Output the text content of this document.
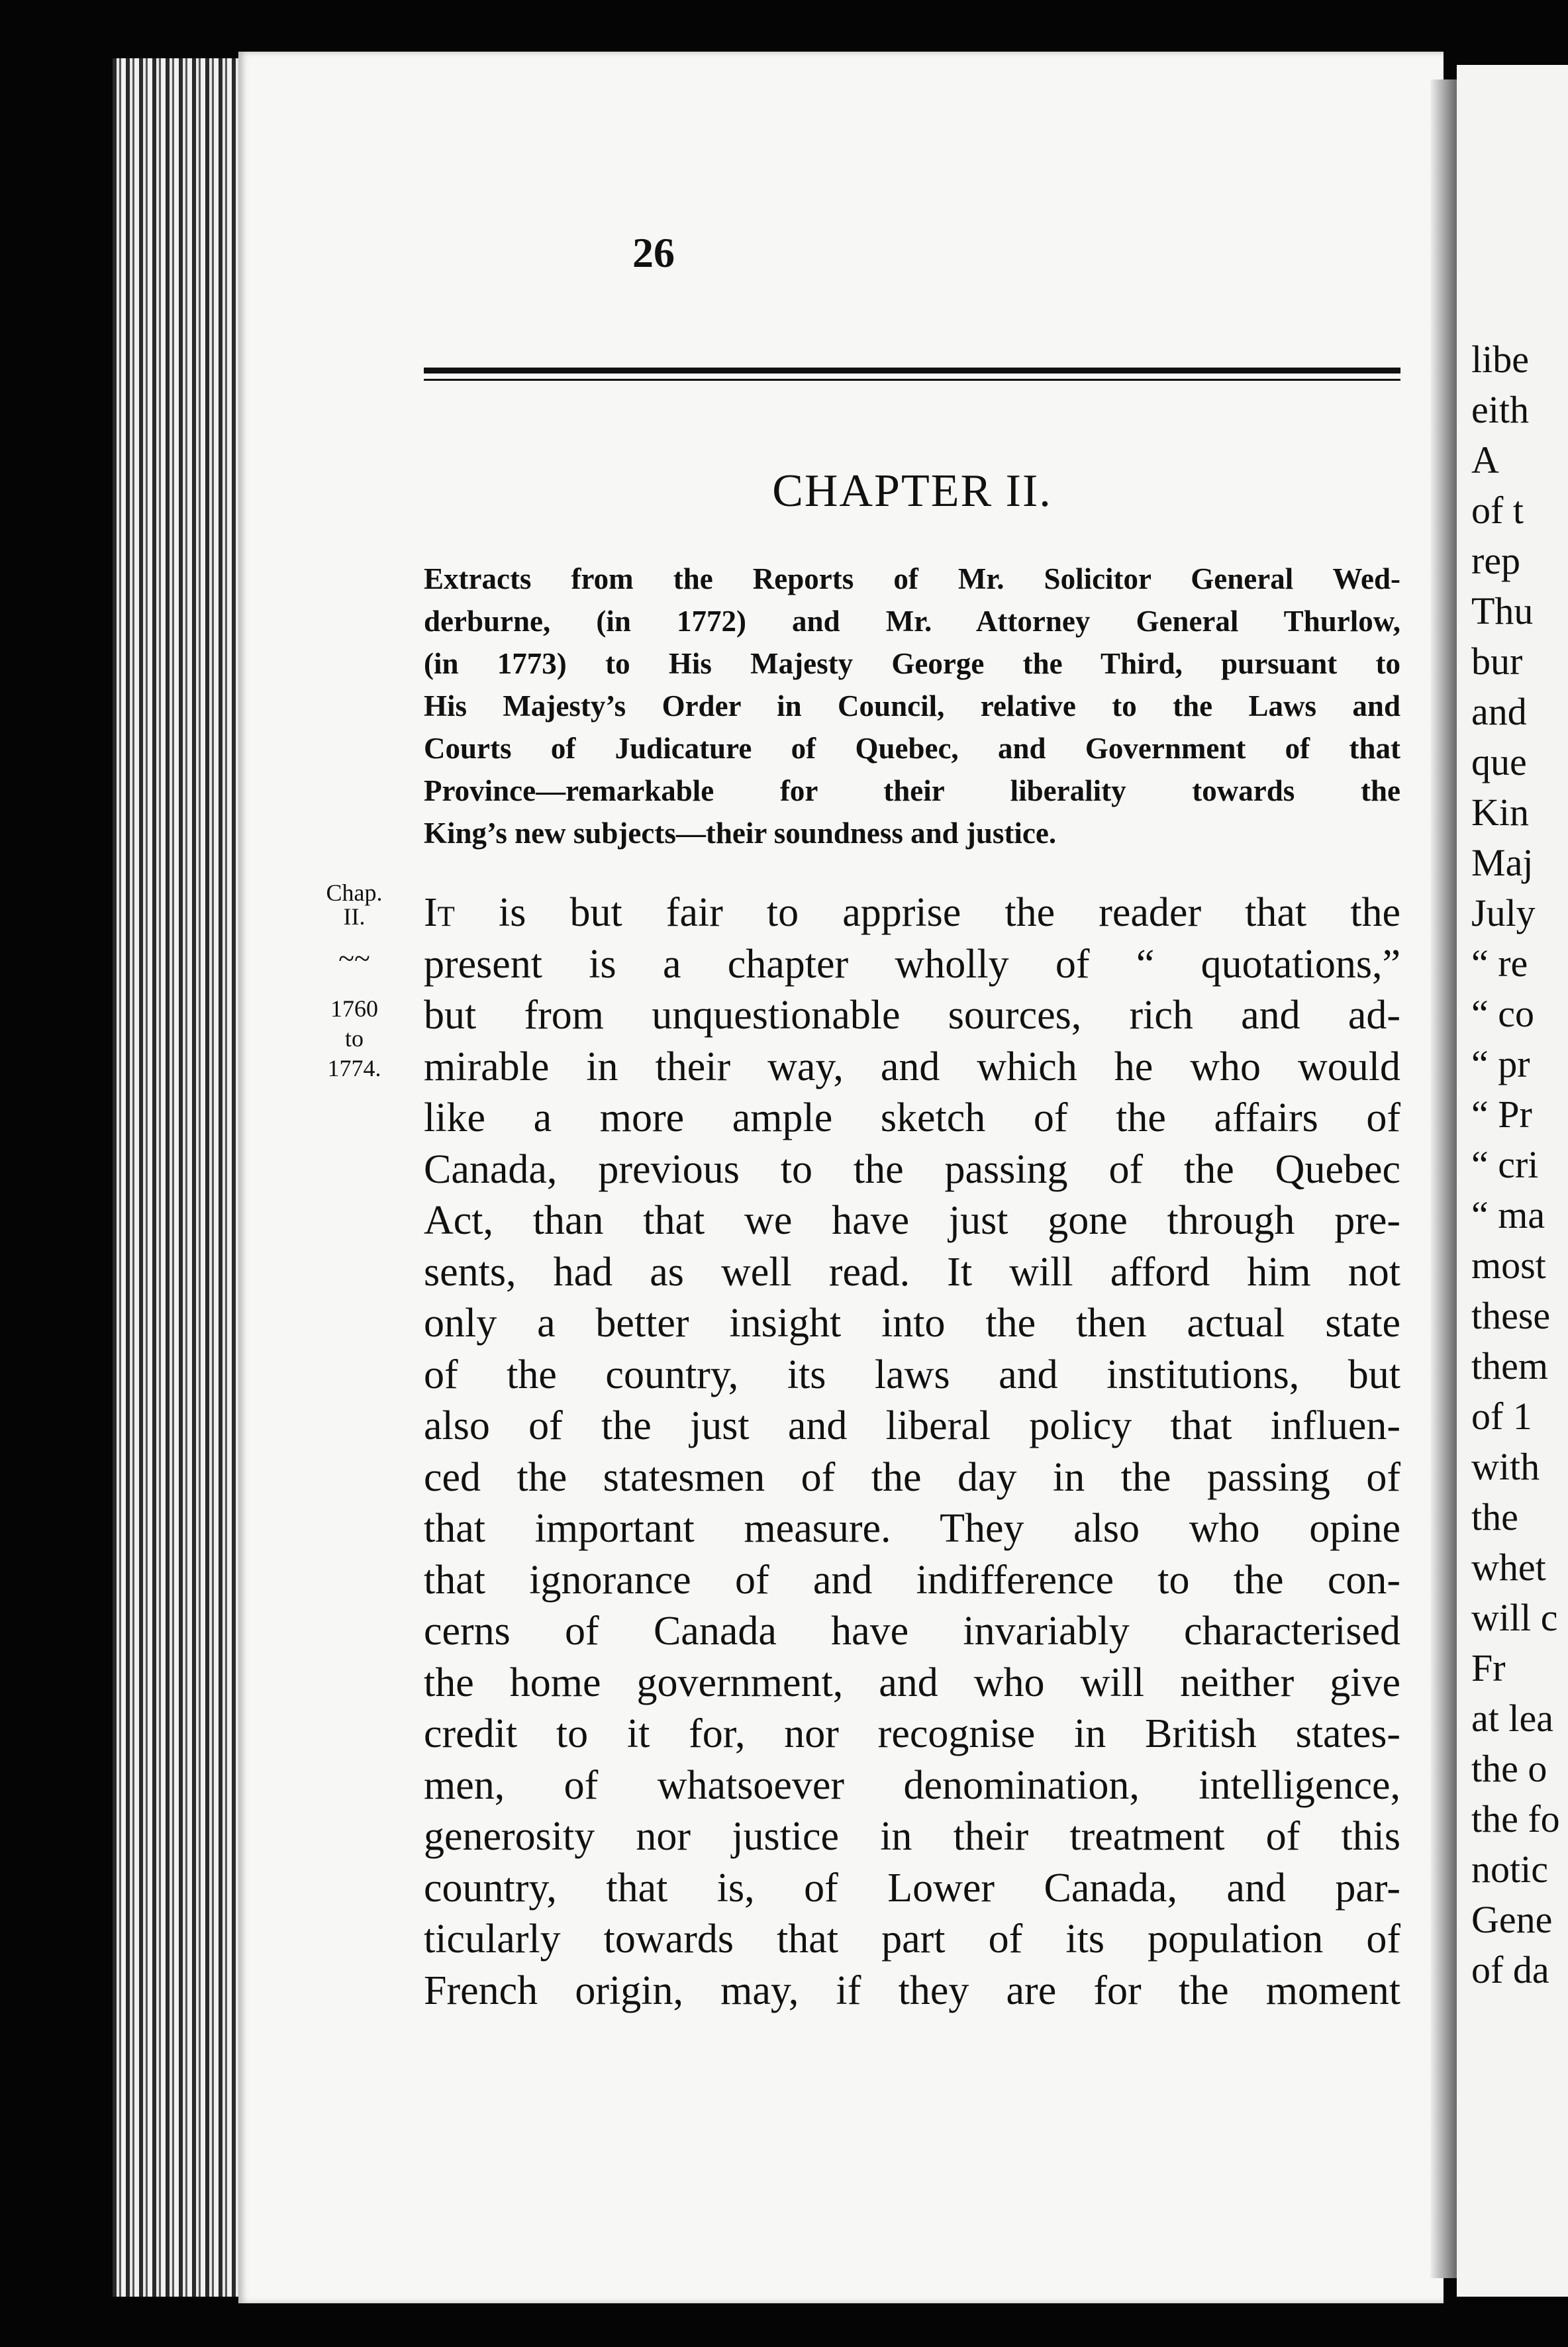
26
CHAPTER II.
Extracts from the Reports of Mr. Solicitor General Wed-
derburne, (in 1772) and Mr. Attorney General Thurlow,
(in 1773) to His Majesty George the Third, pursuant to
His Majesty’s Order in Council, relative to the Laws and
Courts of Judicature of Quebec, and Government of that
Province—remarkable for their liberality towards the
King’s new subjects—their soundness and justice.
Chap.
II.
~~
1760
to
1774.
It is but fair to apprise the reader that the
present is a chapter wholly of “ quotations,”
but from unquestionable sources, rich and ad-
mirable in their way, and which he who would
like a more ample sketch of the affairs of
Canada, previous to the passing of the Quebec
Act, than that we have just gone through pre-
sents, had as well read. It will afford him not
only a better insight into the then actual state
of the country, its laws and institutions, but
also of the just and liberal policy that influen-
ced the statesmen of the day in the passing of
that important measure. They also who opine
that ignorance of and indifference to the con-
cerns of Canada have invariably characterised
the home government, and who will neither give
credit to it for, nor recognise in British states-
men, of whatsoever denomination, intelligence,
generosity nor justice in their treatment of this
country, that is, of Lower Canada, and par-
ticularly towards that part of its population of
French origin, may, if they are for the moment
libe
eith
A
of t
rep
Thu
bur
and
que
Kin
Maj
July
“ re
“ co
“ pr
“ Pr
“ cri
“ ma
most
these
them
of 1
with
the
whet
will c
Fr
at lea
the o
the fo
notic
Gene
of da
